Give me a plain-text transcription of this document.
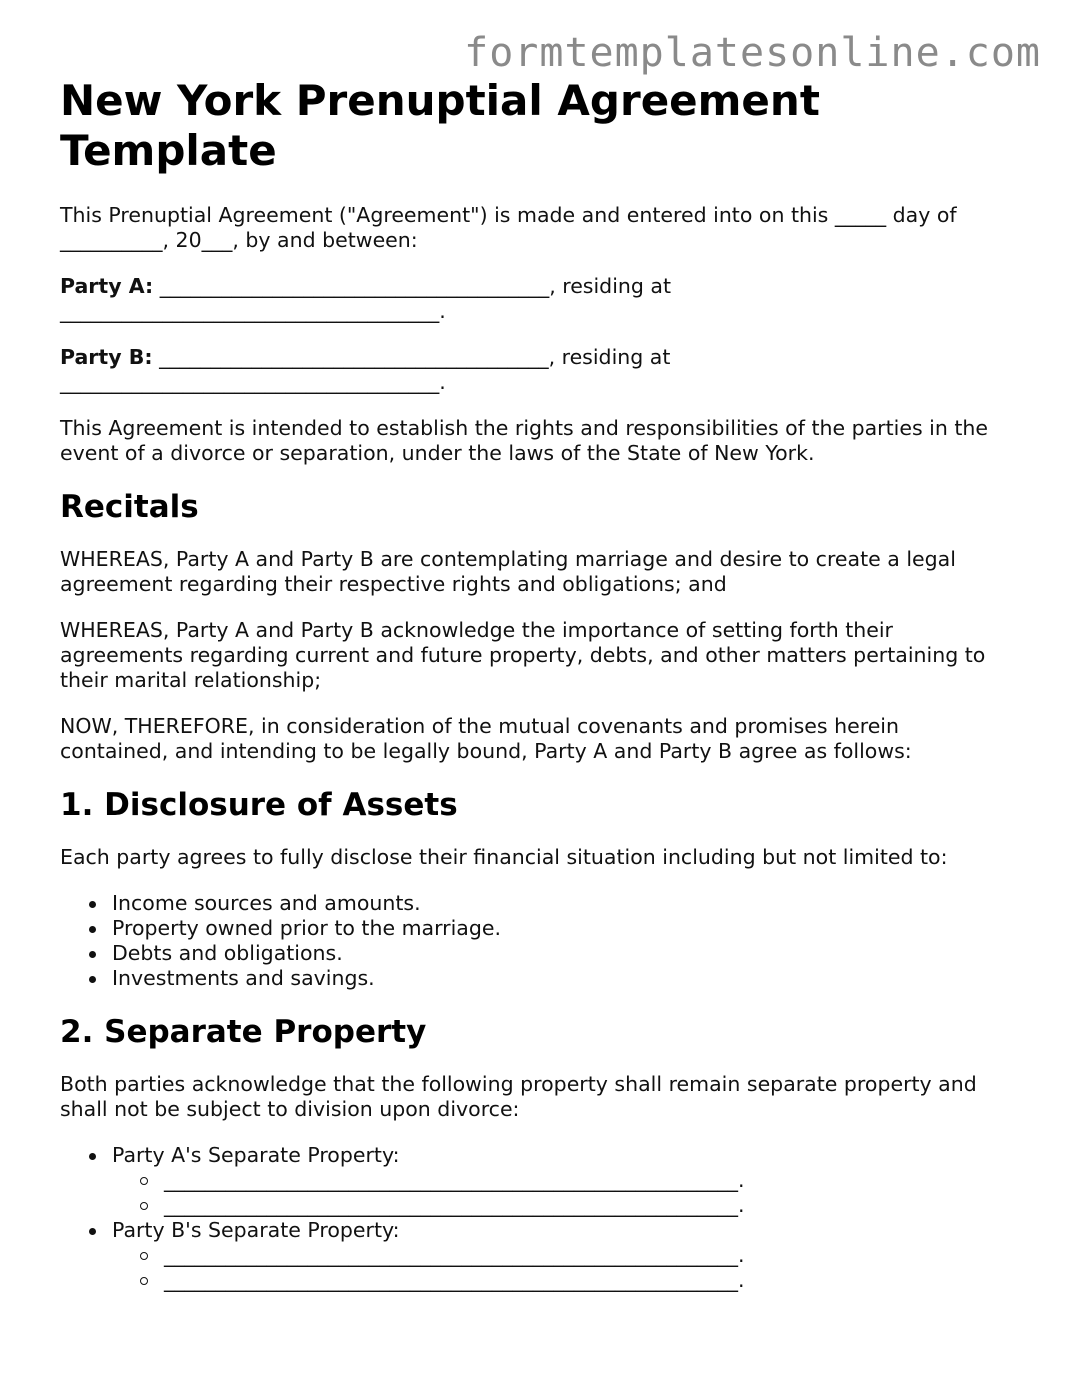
formtemplatesonline.com
New York Prenuptial Agreement Template

This Prenuptial Agreement ("Agreement") is made and entered into on this _____ day of
__________, 20___, by and between:

Party A: ______________________________________, residing at
_____________________________________.

Party B: ______________________________________, residing at
_____________________________________.

This Agreement is intended to establish the rights and responsibilities of the parties in the
event of a divorce or separation, under the laws of the State of New York.

Recitals

WHEREAS, Party A and Party B are contemplating marriage and desire to create a legal
agreement regarding their respective rights and obligations; and

WHEREAS, Party A and Party B acknowledge the importance of setting forth their
agreements regarding current and future property, debts, and other matters pertaining to
their marital relationship;

NOW, THEREFORE, in consideration of the mutual covenants and promises herein
contained, and intending to be legally bound, Party A and Party B agree as follows:

1. Disclosure of Assets

Each party agrees to fully disclose their financial situation including but not limited to:

Income sources and amounts.
Property owned prior to the marriage.
Debts and obligations.
Investments and savings.
2. Separate Property

Both parties acknowledge that the following property shall remain separate property and
shall not be subject to division upon divorce:

Party A's Separate Property:
________________________________________________________.
________________________________________________________.
Party B's Separate Property:
________________________________________________________.
________________________________________________________.
